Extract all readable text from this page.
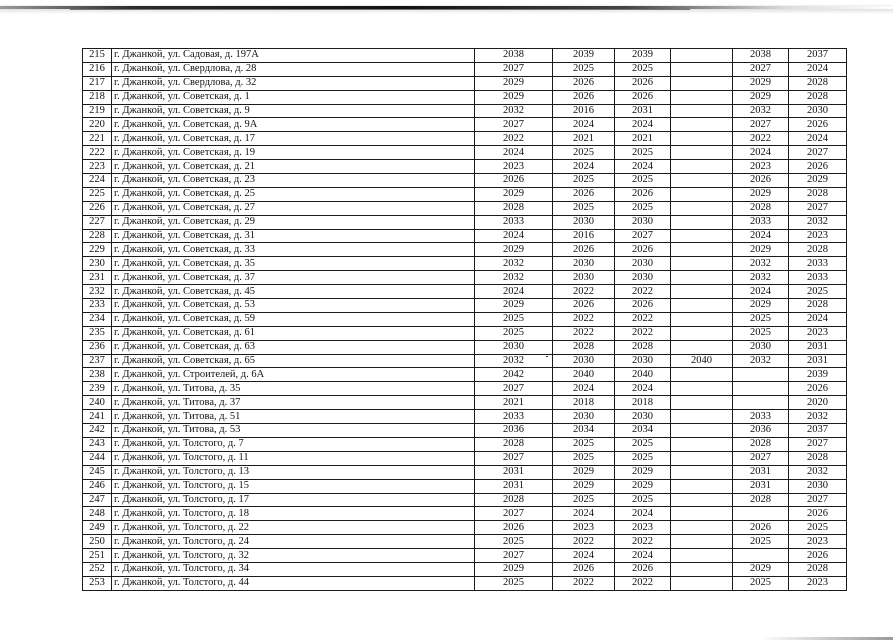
215	г. Джанкой, ул. Садовая, д. 197А	2038	2039	2039		2038	2037
216	г. Джанкой, ул. Свердлова, д. 28	2027	2025	2025		2027	2024
217	г. Джанкой, ул. Свердлова, д. 32	2029	2026	2026		2029	2028
218	г. Джанкой, ул. Советская, д. 1	2029	2026	2026		2029	2028
219	г. Джанкой, ул. Советская, д. 9	2032	2016	2031		2032	2030
220	г. Джанкой, ул. Советская, д. 9А	2027	2024	2024		2027	2026
221	г. Джанкой, ул. Советская, д. 17	2022	2021	2021		2022	2024
222	г. Джанкой, ул. Советская, д. 19	2024	2025	2025		2024	2027
223	г. Джанкой, ул. Советская, д. 21	2023	2024	2024		2023	2026
224	г. Джанкой, ул. Советская, д. 23	2026	2025	2025		2026	2029
225	г. Джанкой, ул. Советская, д. 25	2029	2026	2026		2029	2028
226	г. Джанкой, ул. Советская, д. 27	2028	2025	2025		2028	2027
227	г. Джанкой, ул. Советская, д. 29	2033	2030	2030		2033	2032
228	г. Джанкой, ул. Советская, д. 31	2024	2016	2027		2024	2023
229	г. Джанкой, ул. Советская, д. 33	2029	2026	2026		2029	2028
230	г. Джанкой, ул. Советская, д. 35	2032	2030	2030		2032	2033
231	г. Джанкой, ул. Советская, д. 37	2032	2030	2030		2032	2033
232	г. Джанкой, ул. Советская, д. 45	2024	2022	2022		2024	2025
233	г. Джанкой, ул. Советская, д. 53	2029	2026	2026		2029	2028
234	г. Джанкой, ул. Советская, д. 59	2025	2022	2022		2025	2024
235	г. Джанкой, ул. Советская, д. 61	2025	2022	2022		2025	2023
236	г. Джанкой, ул. Советская, д. 63	2030	2028	2028		2030	2031
237	г. Джанкой, ул. Советская, д. 65	2032	2030	2030	2040	2032	2031
238	г. Джанкой, ул. Строителей, д. 6А	2042	2040	2040			2039
239	г. Джанкой, ул. Титова, д. 35	2027	2024	2024			2026
240	г. Джанкой, ул. Титова, д. 37	2021	2018	2018			2020
241	г. Джанкой, ул. Титова, д. 51	2033	2030	2030		2033	2032
242	г. Джанкой, ул. Титова, д. 53	2036	2034	2034		2036	2037
243	г. Джанкой, ул. Толстого, д. 7	2028	2025	2025		2028	2027
244	г. Джанкой, ул. Толстого, д. 11	2027	2025	2025		2027	2028
245	г. Джанкой, ул. Толстого, д. 13	2031	2029	2029		2031	2032
246	г. Джанкой, ул. Толстого, д. 15	2031	2029	2029		2031	2030
247	г. Джанкой, ул. Толстого, д. 17	2028	2025	2025		2028	2027
248	г. Джанкой, ул. Толстого, д. 18	2027	2024	2024			2026
249	г. Джанкой, ул. Толстого, д. 22	2026	2023	2023		2026	2025
250	г. Джанкой, ул. Толстого, д. 24	2025	2022	2022		2025	2023
251	г. Джанкой, ул. Толстого, д. 32	2027	2024	2024			2026
252	г. Джанкой, ул. Толстого, д. 34	2029	2026	2026		2029	2028
253	г. Джанкой, ул. Толстого, д. 44	2025	2022	2022		2025	2023
